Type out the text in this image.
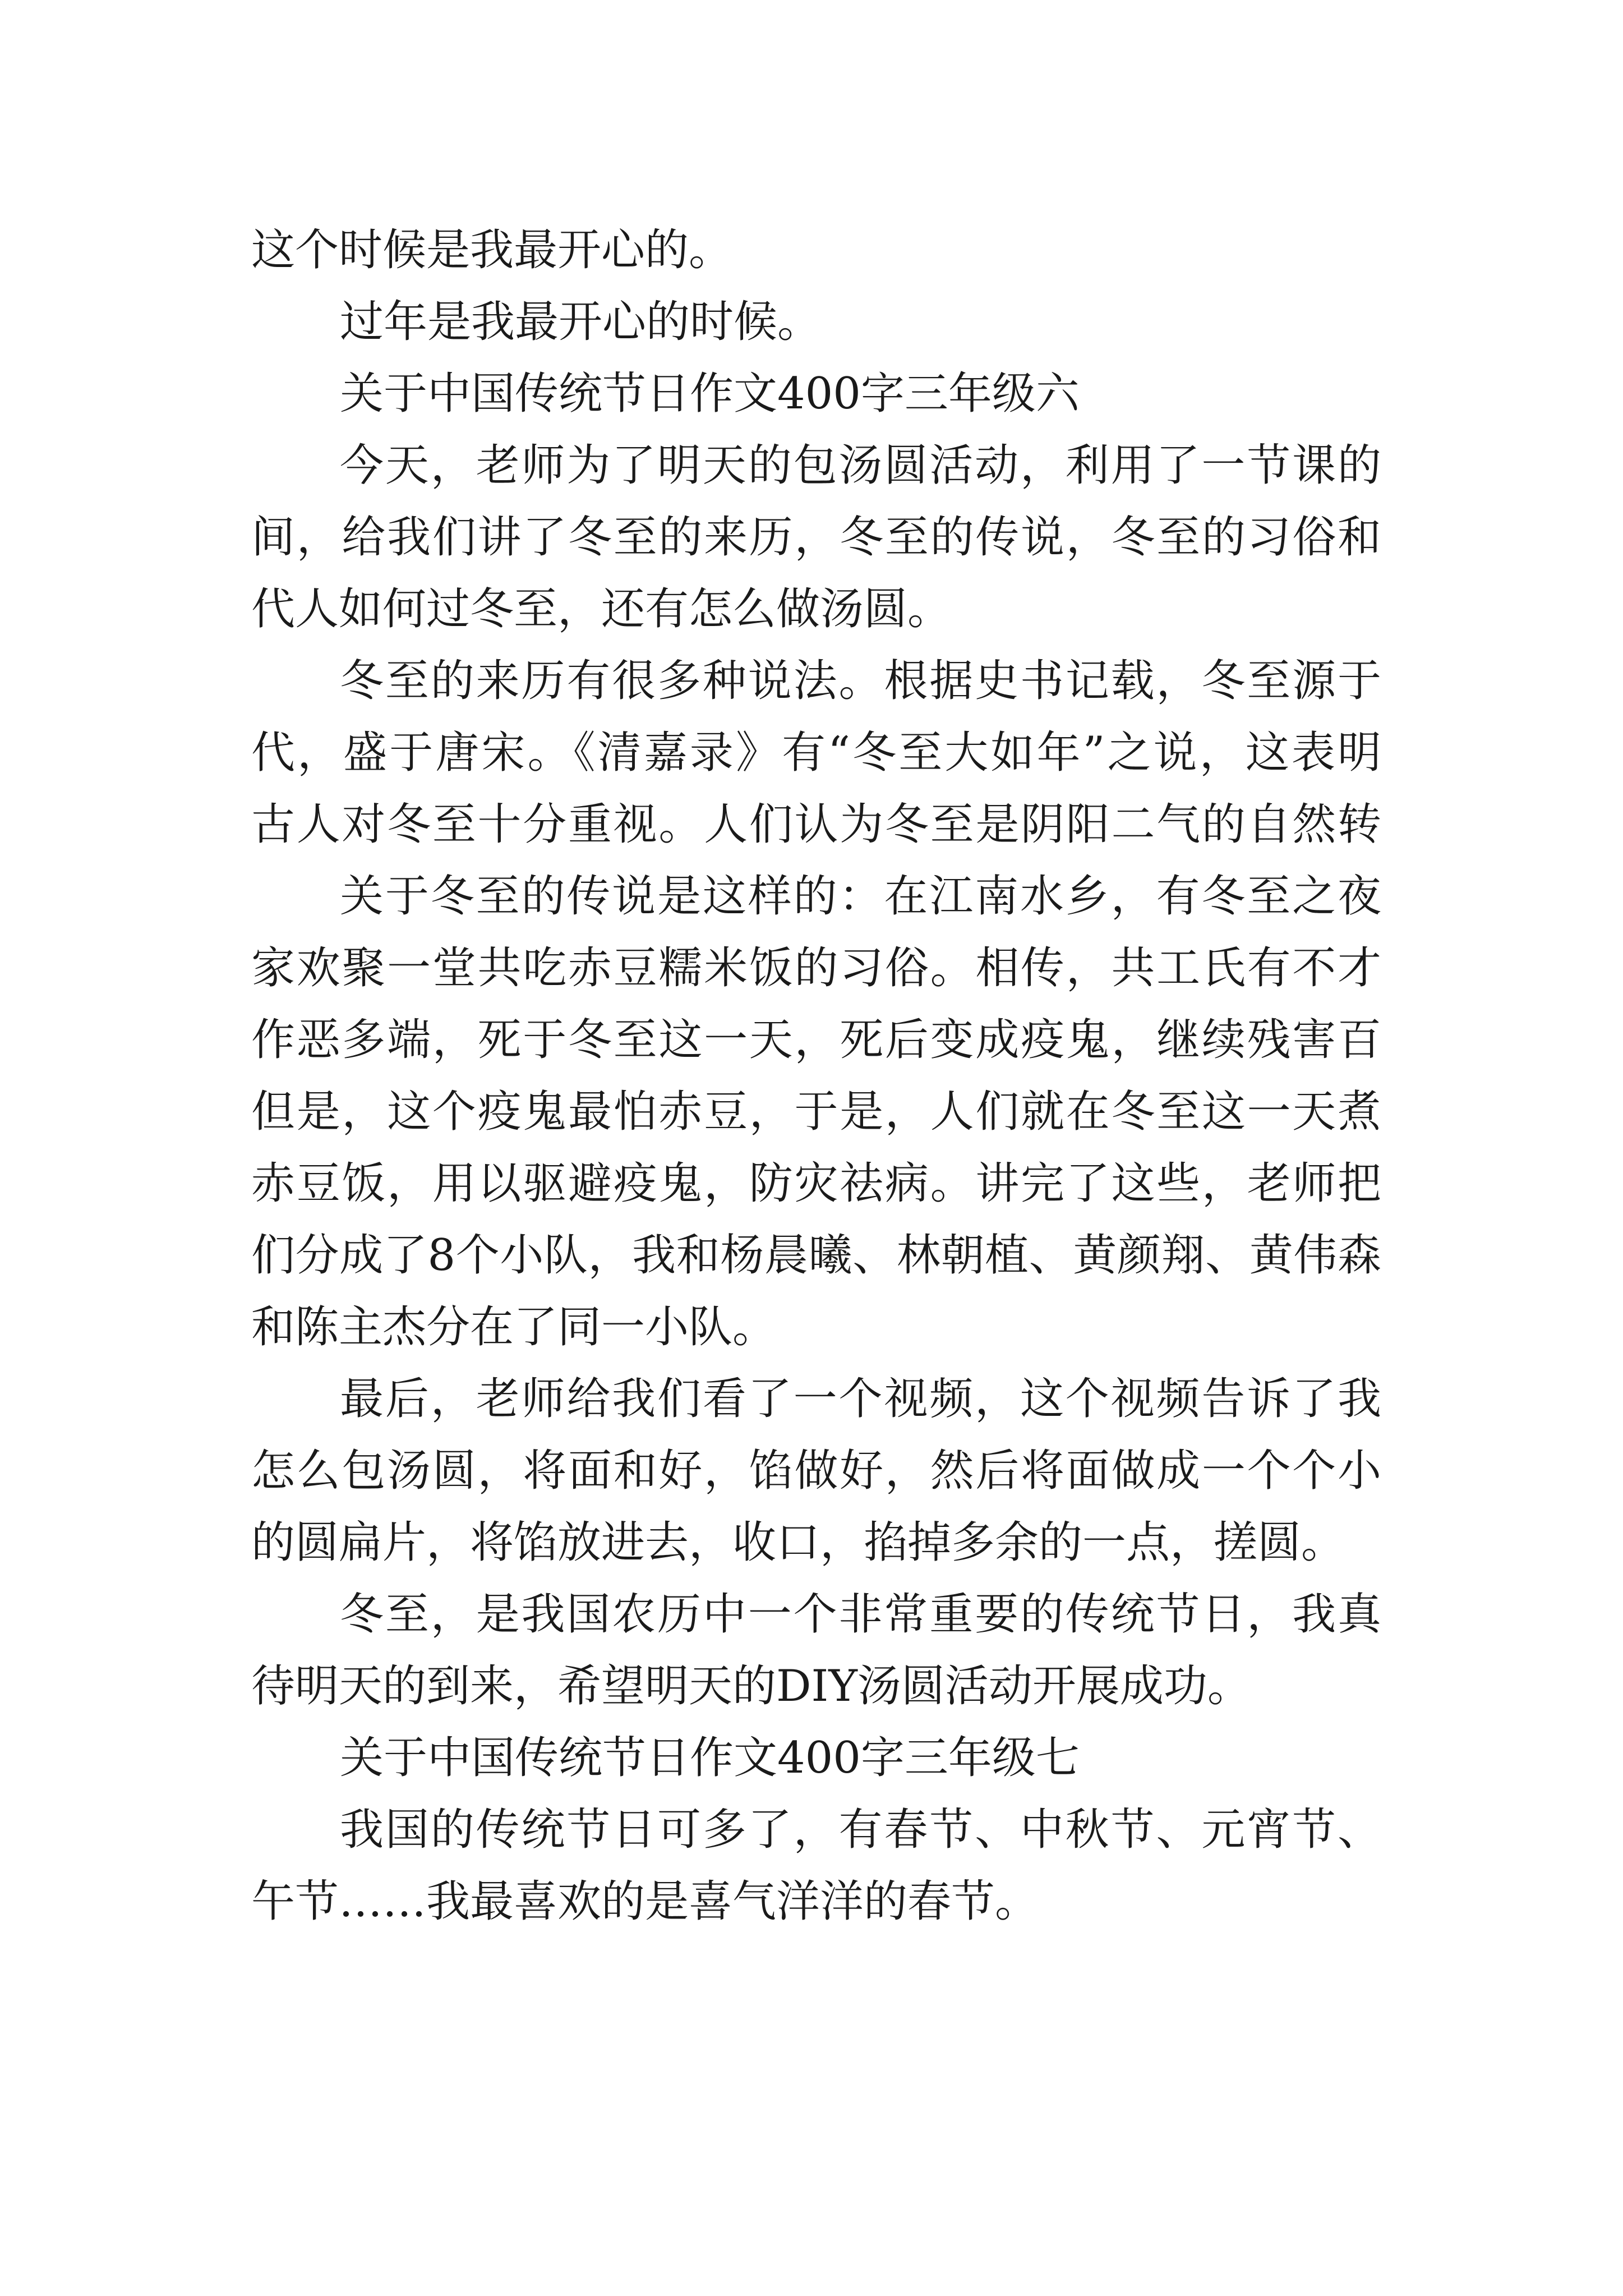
这个时候是我最开心的。
过年是我最开心的时候。
关于中国传统节日作文400字三年级六
今天，老师为了明天的包汤圆活动，利用了一节课的
间，给我们讲了冬至的来历，冬至的传说，冬至的习俗和
代人如何过冬至，还有怎么做汤圆。
冬至的来历有很多种说法。根据史书记载，冬至源于
代，盛于唐宋。《清嘉录》有“冬至大如年”之说，这表明
古人对冬至十分重视。人们认为冬至是阴阳二气的自然转
关于冬至的传说是这样的：在江南水乡，有冬至之夜
家欢聚一堂共吃赤豆糯米饭的习俗。相传，共工氏有不才
作恶多端，死于冬至这一天，死后变成疫鬼，继续残害百
但是，这个疫鬼最怕赤豆，于是，人们就在冬至这一天煮
赤豆饭，用以驱避疫鬼，防灾祛病。讲完了这些，老师把
们分成了8个小队，我和杨晨曦、林朝植、黄颜翔、黄伟森
和陈主杰分在了同一小队。
最后，老师给我们看了一个视频，这个视频告诉了我
怎么包汤圆，将面和好，馅做好，然后将面做成一个个小
的圆扁片，将馅放进去，收口，掐掉多余的一点，搓圆。
冬至，是我国农历中一个非常重要的传统节日，我真
待明天的到来，希望明天的DIY汤圆活动开展成功。
关于中国传统节日作文400字三年级七
我国的传统节日可多了，有春节、中秋节、元宵节、
午节……我最喜欢的是喜气洋洋的春节。
